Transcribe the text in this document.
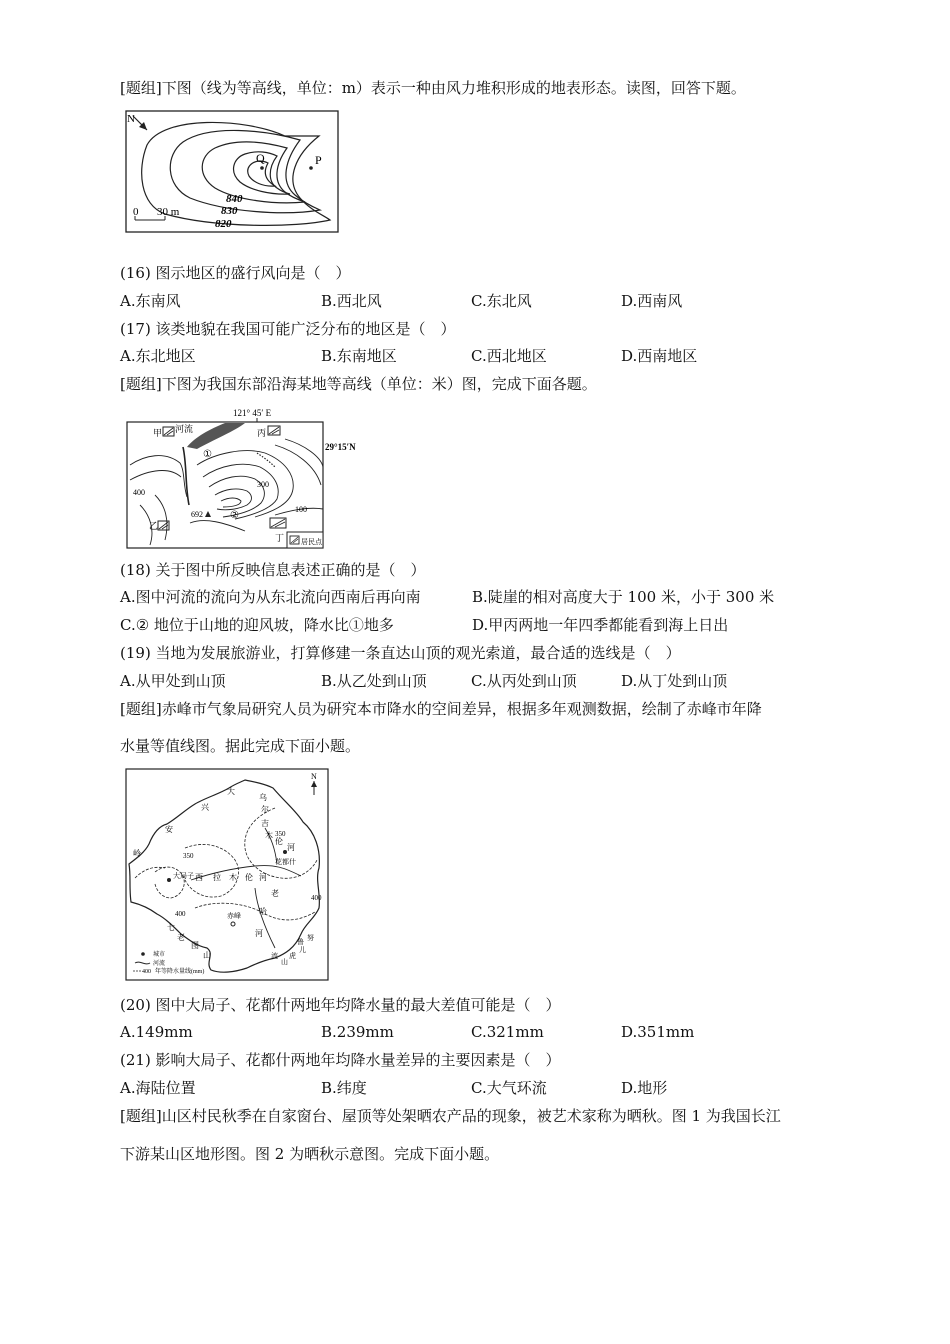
[题组]下图（线为等高线，单位：m）表示一种由风力堆积形成的地表形态。读图，回答下题。
N
Q	P
840
830
820
0 30 m
(16) 图示地区的盛行风向是（　）
A.东南风	B.西北风	C.东北风	D.西南风
(17) 该类地貌在我国可能广泛分布的地区是（　）
A.东北地区	B.东南地区	C.西北地区	D.西南地区
[题组]下图为我国东部沿海某地等高线（单位：米）图，完成下面各题。
121° 45′ E
29°15′N
河流
甲	丙
①
②
300
400
100
692
乙
丁 居民点
(18) 关于图中所反映信息表述正确的是（　）
A.图中河流的流向为从东北流向西南后再向南	B.陡崖的相对高度大于 100 米，小于 300 米
C.② 地位于山地的迎风坡，降水比①地多	D.甲丙两地一年四季都能看到海上日出
(19) 当地为发展旅游业，打算修建一条直达山顶的观光索道，最合适的选线是（　）
A.从甲处到山顶	B.从乙处到山顶	C.从丙处到山顶	D.从丁处到山顶
[题组]赤峰市气象局研究人员为研究本市降水的空间差异，根据多年观测数据，绘制了赤峰市年降
水量等值线图。据此完成下面小题。
N
大
兴
安
岭
乌
尔
吉
木
伦
河
西 拉 木 伦 河
老
哈
河
七
老
图
山
努
鲁
儿
虎
山
流
350
350
400
400
大局子
花都什
赤峰
城市
河流
400 年等降水量线(mm)
(20) 图中大局子、花都什两地年均降水量的最大差值可能是（　）
A.149mm	B.239mm	C.321mm	D.351mm
(21) 影响大局子、花都什两地年均降水量差异的主要因素是（　）
A.海陆位置	B.纬度	C.大气环流	D.地形
[题组]山区村民秋季在自家窗台、屋顶等处架晒农产品的现象，被艺术家称为晒秋。图 1 为我国长江
下游某山区地形图。图 2 为晒秋示意图。完成下面小题。
